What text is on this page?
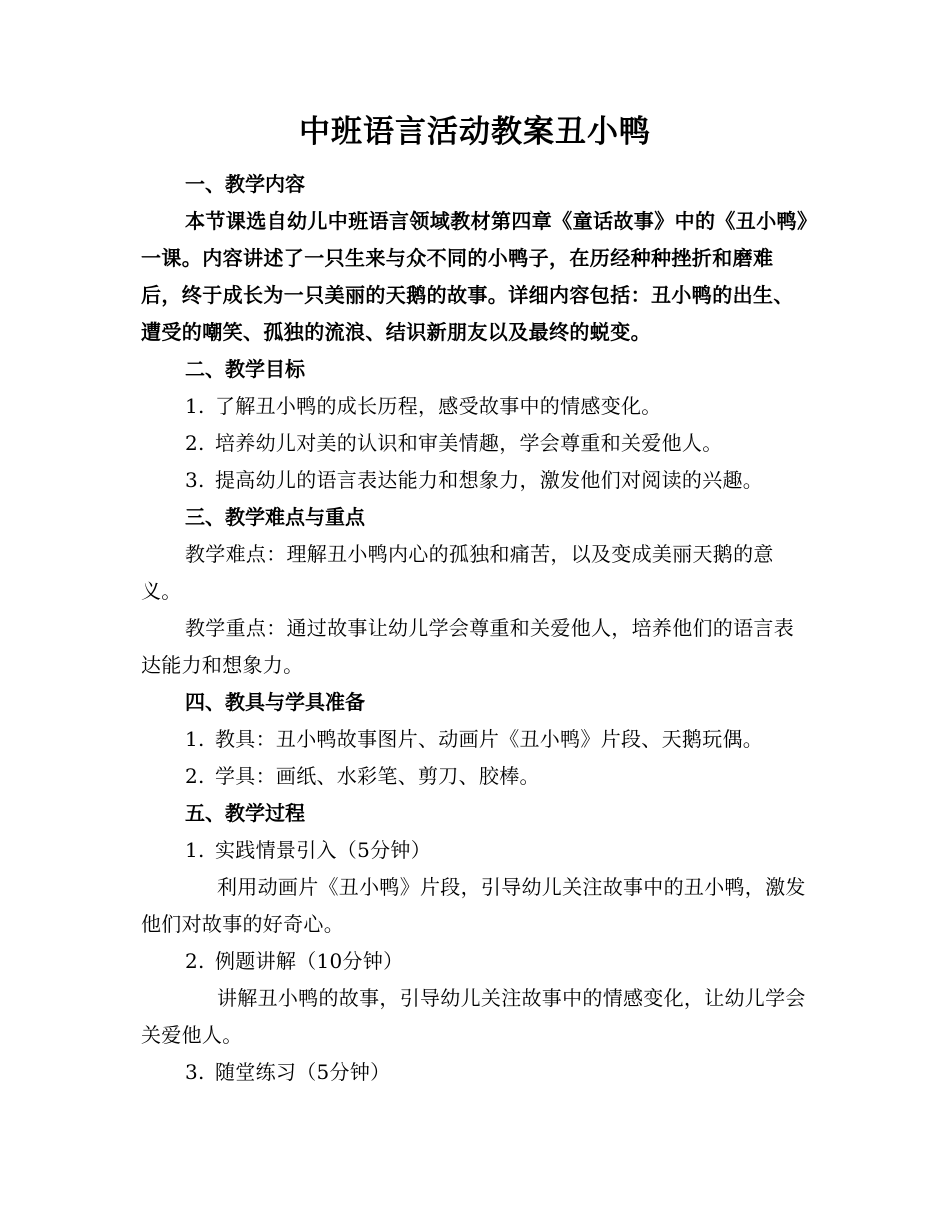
中班语言活动教案丑小鸭

一、教学内容

本节课选自幼儿中班语言领域教材第四章《童话故事》中的《丑小鸭》一课。内容讲述了一只生来与众不同的小鸭子，在历经种种挫折和磨难后，终于成长为一只美丽的天鹅的故事。详细内容包括：丑小鸭的出生、遭受的嘲笑、孤独的流浪、结识新朋友以及最终的蜕变。

二、教学目标

1. 了解丑小鸭的成长历程，感受故事中的情感变化。

2. 培养幼儿对美的认识和审美情趣，学会尊重和关爱他人。

3. 提高幼儿的语言表达能力和想象力，激发他们对阅读的兴趣。

三、教学难点与重点

教学难点：理解丑小鸭内心的孤独和痛苦，以及变成美丽天鹅的意义。

教学重点：通过故事让幼儿学会尊重和关爱他人，培养他们的语言表达能力和想象力。

四、教具与学具准备

1. 教具：丑小鸭故事图片、动画片《丑小鸭》片段、天鹅玩偶。

2. 学具：画纸、水彩笔、剪刀、胶棒。

五、教学过程

1. 实践情景引入（5分钟）

利用动画片《丑小鸭》片段，引导幼儿关注故事中的丑小鸭，激发他们对故事的好奇心。

2. 例题讲解（10分钟）

讲解丑小鸭的故事，引导幼儿关注故事中的情感变化，让幼儿学会关爱他人。

3. 随堂练习（5分钟）
